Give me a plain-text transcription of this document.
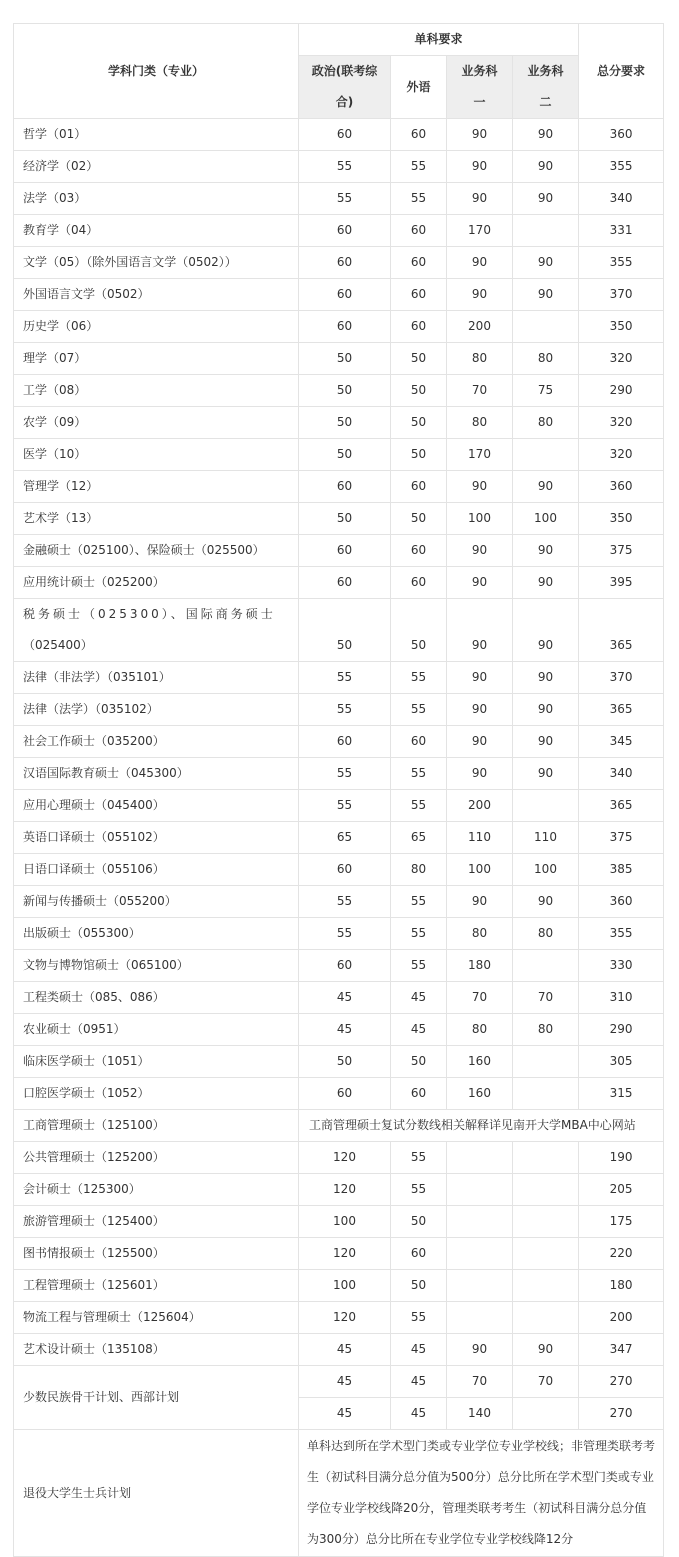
学科门类（专业）	单科要求				总分要求
	政治(联考综合)	外语	业务科一	业务科二	

哲学（01）	60	60	90	90	360
经济学（02）	55	55	90	90	355
法学（03）	55	55	90	90	340
教育学（04）	60	60	170		331
文学（05）（除外国语言文学（0502））	60	60	90	90	355
外国语言文学（0502）	60	60	90	90	370
历史学（06）	60	60	200		350
理学（07）	50	50	80	80	320
工学（08）	50	50	70	75	290
农学（09）	50	50	80	80	320
医学（10）	50	50	170		320
管理学（12）	60	60	90	90	360
艺术学（13）	50	50	100	100	350
金融硕士（025100）、保险硕士（025500）	60	60	90	90	375
应用统计硕士（025200）	60	60	90	90	395

税务硕士（025300）、国际商务硕士
（025400）	50	50	90	90	365
法律（非法学）（035101）	55	55	90	90	370
法律（法学）（035102）	55	55	90	90	365
社会工作硕士（035200）	60	60	90	90	345
汉语国际教育硕士（045300）	55	55	90	90	340
应用心理硕士（045400）	55	55	200		365
英语口译硕士（055102）	65	65	110	110	375
日语口译硕士（055106）	60	80	100	100	385
新闻与传播硕士（055200）	55	55	90	90	360
出版硕士（055300）	55	55	80	80	355
文物与博物馆硕士（065100）	60	55	180		330
工程类硕士（085、086）	45	45	70	70	310
农业硕士（0951）	45	45	80	80	290
临床医学硕士（1051）	50	50	160		305
口腔医学硕士（1052）	60	60	160		315
工商管理硕士（125100）	工商管理硕士复试分数线相关解释详见南开大学MBA中心网站				
公共管理硕士（125200）	120	55			190
会计硕士（125300）	120	55			205
旅游管理硕士（125400）	100	50			175
图书情报硕士（125500）	120	60			220
工程管理硕士（125601）	100	50			180
物流工程与管理硕士（125604）	120	55			200
艺术设计硕士（135108）	45	45	90	90	347
少数民族骨干计划、西部计划	45	45	70	70	270
	45	45	140		270
退役大学生士兵计划	单科达到所在学术型门类或专业学位专业学校线；非管理类联考考生（初试科目满分总分值为500分）总分比所在学术型门类或专业学位专业学校线降20分，管理类联考考生（初试科目满分总分值为300分）总分比所在专业学位专业学校线降12分				
